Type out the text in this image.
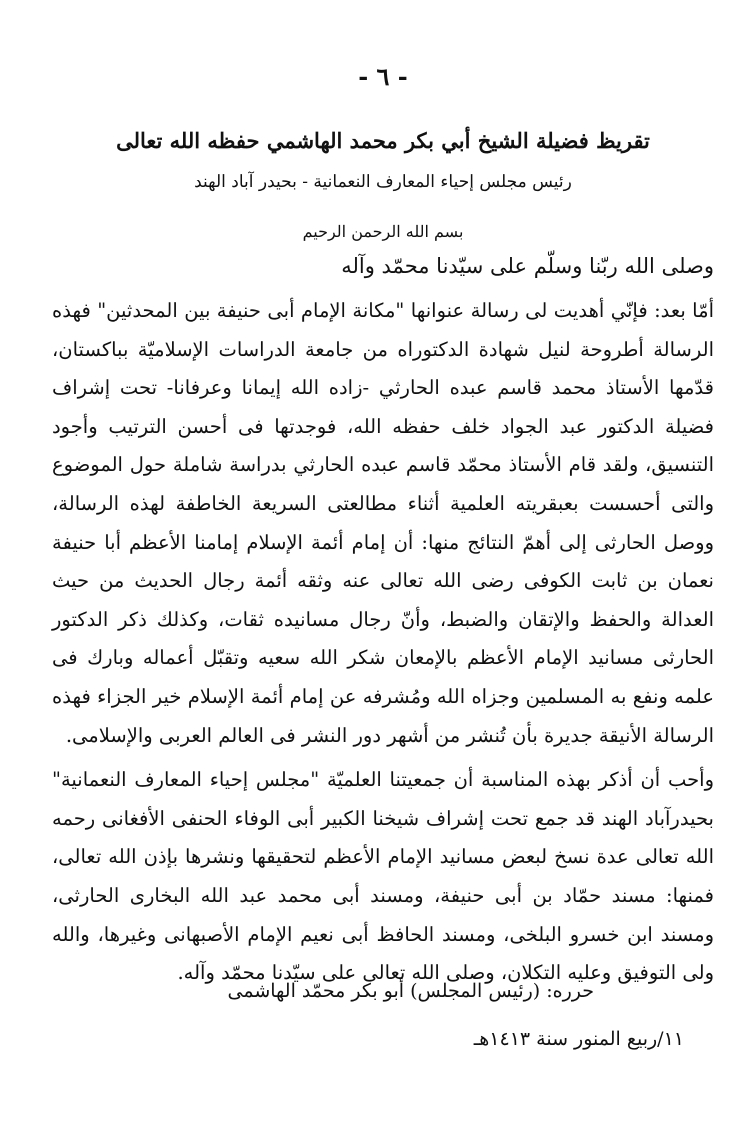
- ٦ -
تقريظ فضيلة الشيخ أبي بكر محمد الهاشمي حفظه الله تعالى
رئيس مجلس إحياء المعارف النعمانية - بحيدر آباد الهند
بسم الله الرحمن الرحيم
وصلى الله ربّنا وسلّم على سيّدنا محمّد وآله

أمّا بعد: فإنّي أهديت لى رسالة عنوانها "مكانة الإمام أبى حنيفة بين المحدثين" فهذه الرسالة أطروحة لنيل شهادة الدكتوراه من جامعة الدراسات الإسلاميّة بباكستان، قدّمها الأستاذ محمد قاسم عبده الحارثي -زاده الله إيمانا وعرفانا- تحت إشراف فضيلة الدكتور عبد الجواد خلف حفظه الله، فوجدتها فى أحسن الترتيب وأجود التنسيق، ولقد قام الأستاذ محمّد قاسم عبده الحارثي بدراسة شاملة حول الموضوع والتى أحسست بعبقريته العلمية أثناء مطالعتى السريعة الخاطفة لهذه الرسالة، ووصل الحارثى إلى أهمّ النتائج منها: أن إمام أئمة الإسلام إمامنا الأعظم أبا حنيفة نعمان بن ثابت الكوفى رضى الله تعالى عنه وثقه أئمة رجال الحديث من حيث العدالة والحفظ والإتقان والضبط، وأنّ رجال مسانيده ثقات، وكذلك ذكر الدكتور الحارثى مسانيد الإمام الأعظم بالإمعان شكر الله سعيه وتقبّل أعماله وبارك فى علمه ونفع به المسلمين وجزاه الله ومُشرفه عن إمام أئمة الإسلام خير الجزاء فهذه الرسالة الأنيقة جديرة بأن تُنشر من أشهر دور النشر فى العالم العربى والإسلامى.

وأحب أن أذكر بهذه المناسبة أن جمعيتنا العلميّة "مجلس إحياء المعارف النعمانية" بحيدرآباد الهند قد جمع تحت إشراف شيخنا الكبير أبى الوفاء الحنفى الأفغانى رحمه الله تعالى عدة نسخ لبعض مسانيد الإمام الأعظم لتحقيقها ونشرها بإذن الله تعالى، فمنها: مسند حمّاد بن أبى حنيفة، ومسند أبى محمد عبد الله البخارى الحارثى، ومسند ابن خسرو البلخى، ومسند الحافظ أبى نعيم الإمام الأصبهانى وغيرها، والله ولى التوفيق وعليه التكلان، وصلى الله تعالى على سيّدنا محمّد وآله.

حرره: (رئيس المجلس) أبو بكر محمّد الهاشمى
١١/ربيع المنور سنة ١٤١٣هـ
